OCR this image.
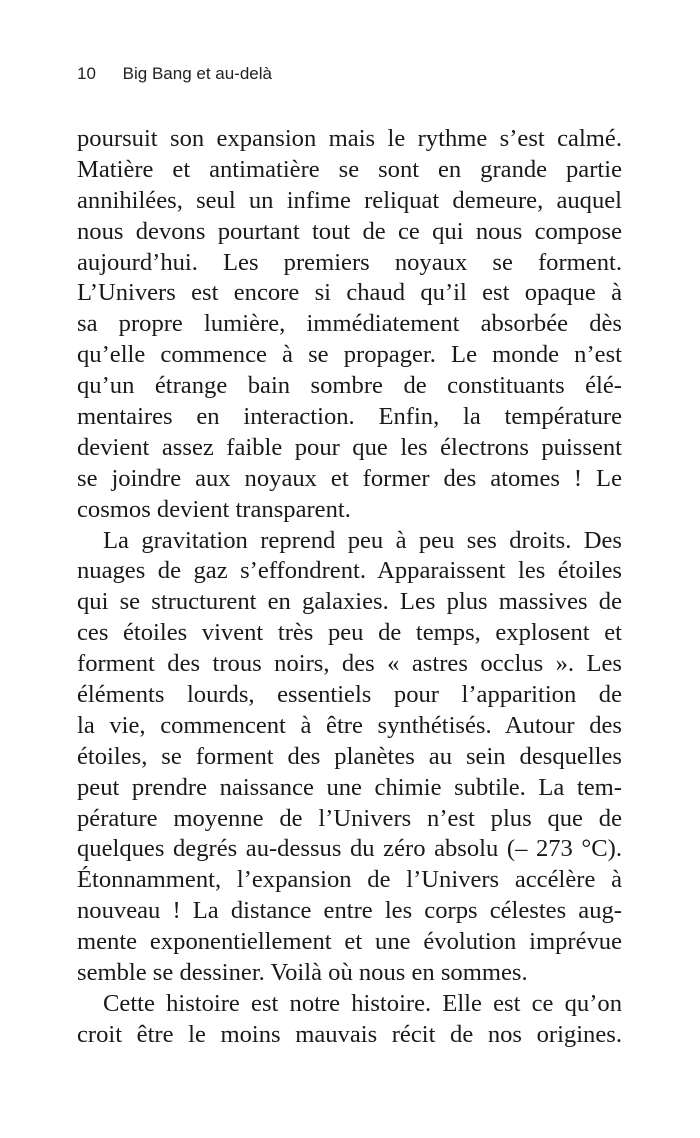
10 Big Bang et au-delà
poursuit son expansion mais le rythme s’est calmé.
Matière et antimatière se sont en grande partie
annihilées, seul un infime reliquat demeure, auquel
nous devons pourtant tout de ce qui nous compose
aujourd’hui. Les premiers noyaux se forment.
L’Univers est encore si chaud qu’il est opaque à
sa propre lumière, immédiatement absorbée dès
qu’elle commence à se propager. Le monde n’est
qu’un étrange bain sombre de constituants élé-
mentaires en interaction. Enfin, la température
devient assez faible pour que les électrons puissent
se joindre aux noyaux et former des atomes ! Le
cosmos devient transparent.
La gravitation reprend peu à peu ses droits. Des
nuages de gaz s’effondrent. Apparaissent les étoiles
qui se structurent en galaxies. Les plus massives de
ces étoiles vivent très peu de temps, explosent et
forment des trous noirs, des « astres occlus ». Les
éléments lourds, essentiels pour l’apparition de
la vie, commencent à être synthétisés. Autour des
étoiles, se forment des planètes au sein desquelles
peut prendre naissance une chimie subtile. La tem-
pérature moyenne de l’Univers n’est plus que de
quelques degrés au-dessus du zéro absolu (– 273 °C).
Étonnamment, l’expansion de l’Univers accélère à
nouveau ! La distance entre les corps célestes aug-
mente exponentiellement et une évolution imprévue
semble se dessiner. Voilà où nous en sommes.
Cette histoire est notre histoire. Elle est ce qu’on
croit être le moins mauvais récit de nos origines.
